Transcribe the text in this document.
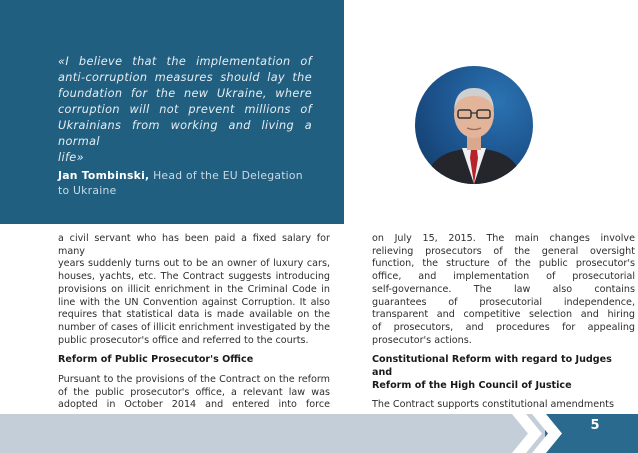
«I believe that the implementation of

anti-corruption measures should lay the

foundation for the new Ukraine, where

corruption will not prevent millions of

Ukrainians from working and living a normal

life»

Jan Tombinski, Head of the EU Delegation to Ukraine

a civil servant who has been paid a fixed salary for many

years suddenly turns out to be an owner of luxury cars,

houses, yachts, etc. The Contract suggests introducing

provisions on illicit enrichment in the Criminal Code in

line with the UN Convention against Corruption. It also

requires that statistical data is made available on the

number of cases of illicit enrichment investigated by the

public prosecutor's office and referred to the courts.

Reform of Public Prosecutor's Office

Pursuant to the provisions of the Contract on the reform

of the public prosecutor's office, a relevant law was

adopted in October 2014 and entered into force

on July 15, 2015. The main changes involve

relieving prosecutors of the general oversight

function, the structure of the public prosecutor's

office, and implementation of prosecutorial

self-governance. The law also contains

guarantees of prosecutorial independence,

transparent and competitive selection and hiring

of prosecutors, and procedures for appealing

prosecutor's actions.

Constitutional Reform with regard to Judges and

Reform of the High Council of Justice

The Contract supports constitutional amendments

5
